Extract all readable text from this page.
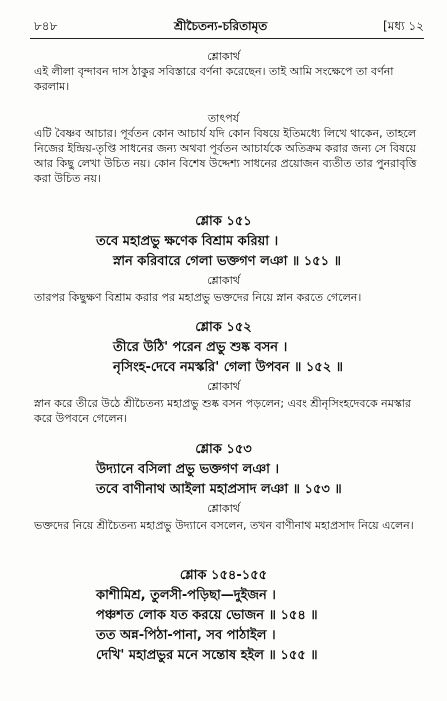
৮৪৮	শ্রীচৈতন্য-চরিতামৃত	[মধ্য ১২
শ্লোকার্থ

এই লীলা বৃন্দাবন দাস ঠাকুর সবিস্তারে বর্ণনা করেছেন। তাই আমি সংক্ষেপে তা বর্ণনা করলাম।

তাৎপর্য

এটি বৈষ্ণব আচার। পূর্বতন কোন আচার্য যদি কোন বিষয়ে ইতিমধ্যে লিখে থাকেন, তাহলে নিজের ইন্দ্রিয়-তৃপ্তি সাধনের জন্য অথবা পূর্বতন আচার্যকে অতিক্রম করার জন্য সে বিষয়ে আর কিছু লেখা উচিত নয়। কোন বিশেষ উদ্দেশ্য সাধনের প্রয়োজন ব্যতীত তার পুনরাবৃত্তি করা উচিত নয়।

শ্লোক ১৫১
তবে মহাপ্রভু ক্ষণেক বিশ্রাম করিয়া ।
স্নান করিবারে গেলা ভক্তগণ লঞা ॥ ১৫১ ॥
শ্লোকার্থ

তারপর কিছুক্ষণ বিশ্রাম করার পর মহাপ্রভু ভক্তদের নিয়ে স্নান করতে গেলেন।

শ্লোক ১৫২
তীরে উঠি' পরেন প্রভু শুষ্ক বসন ।
নৃসিংহ-দেবে নমস্করি' গেলা উপবন ॥ ১৫২ ॥
শ্লোকার্থ

স্নান করে তীরে উঠে শ্রীচৈতন্য মহাপ্রভু শুষ্ক বসন পড়লেন; এবং শ্রীনৃসিংহদেবকে নমস্কার করে উপবনে গেলেন।

শ্লোক ১৫৩
উদ্যানে বসিলা প্রভু ভক্তগণ লঞা ।
তবে বাণীনাথ আইলা মহাপ্রসাদ লঞা ॥ ১৫৩ ॥
শ্লোকার্থ

ভক্তদের নিয়ে শ্রীচৈতন্য মহাপ্রভু উদ্যানে বসলেন, তখন বাণীনাথ মহাপ্রসাদ নিয়ে এলেন।

শ্লোক ১৫৪-১৫৫
কাশীমিশ্র, তুলসী-পড়িছা—দুইজন ।
পঞ্চশত লোক যত করয়ে ভোজন ॥ ১৫৪ ॥
তত অন্ন-পিঠা-পানা, সব পাঠাইল ।
দেখি' মহাপ্রভুর মনে সন্তোষ হইল ॥ ১৫৫ ॥
